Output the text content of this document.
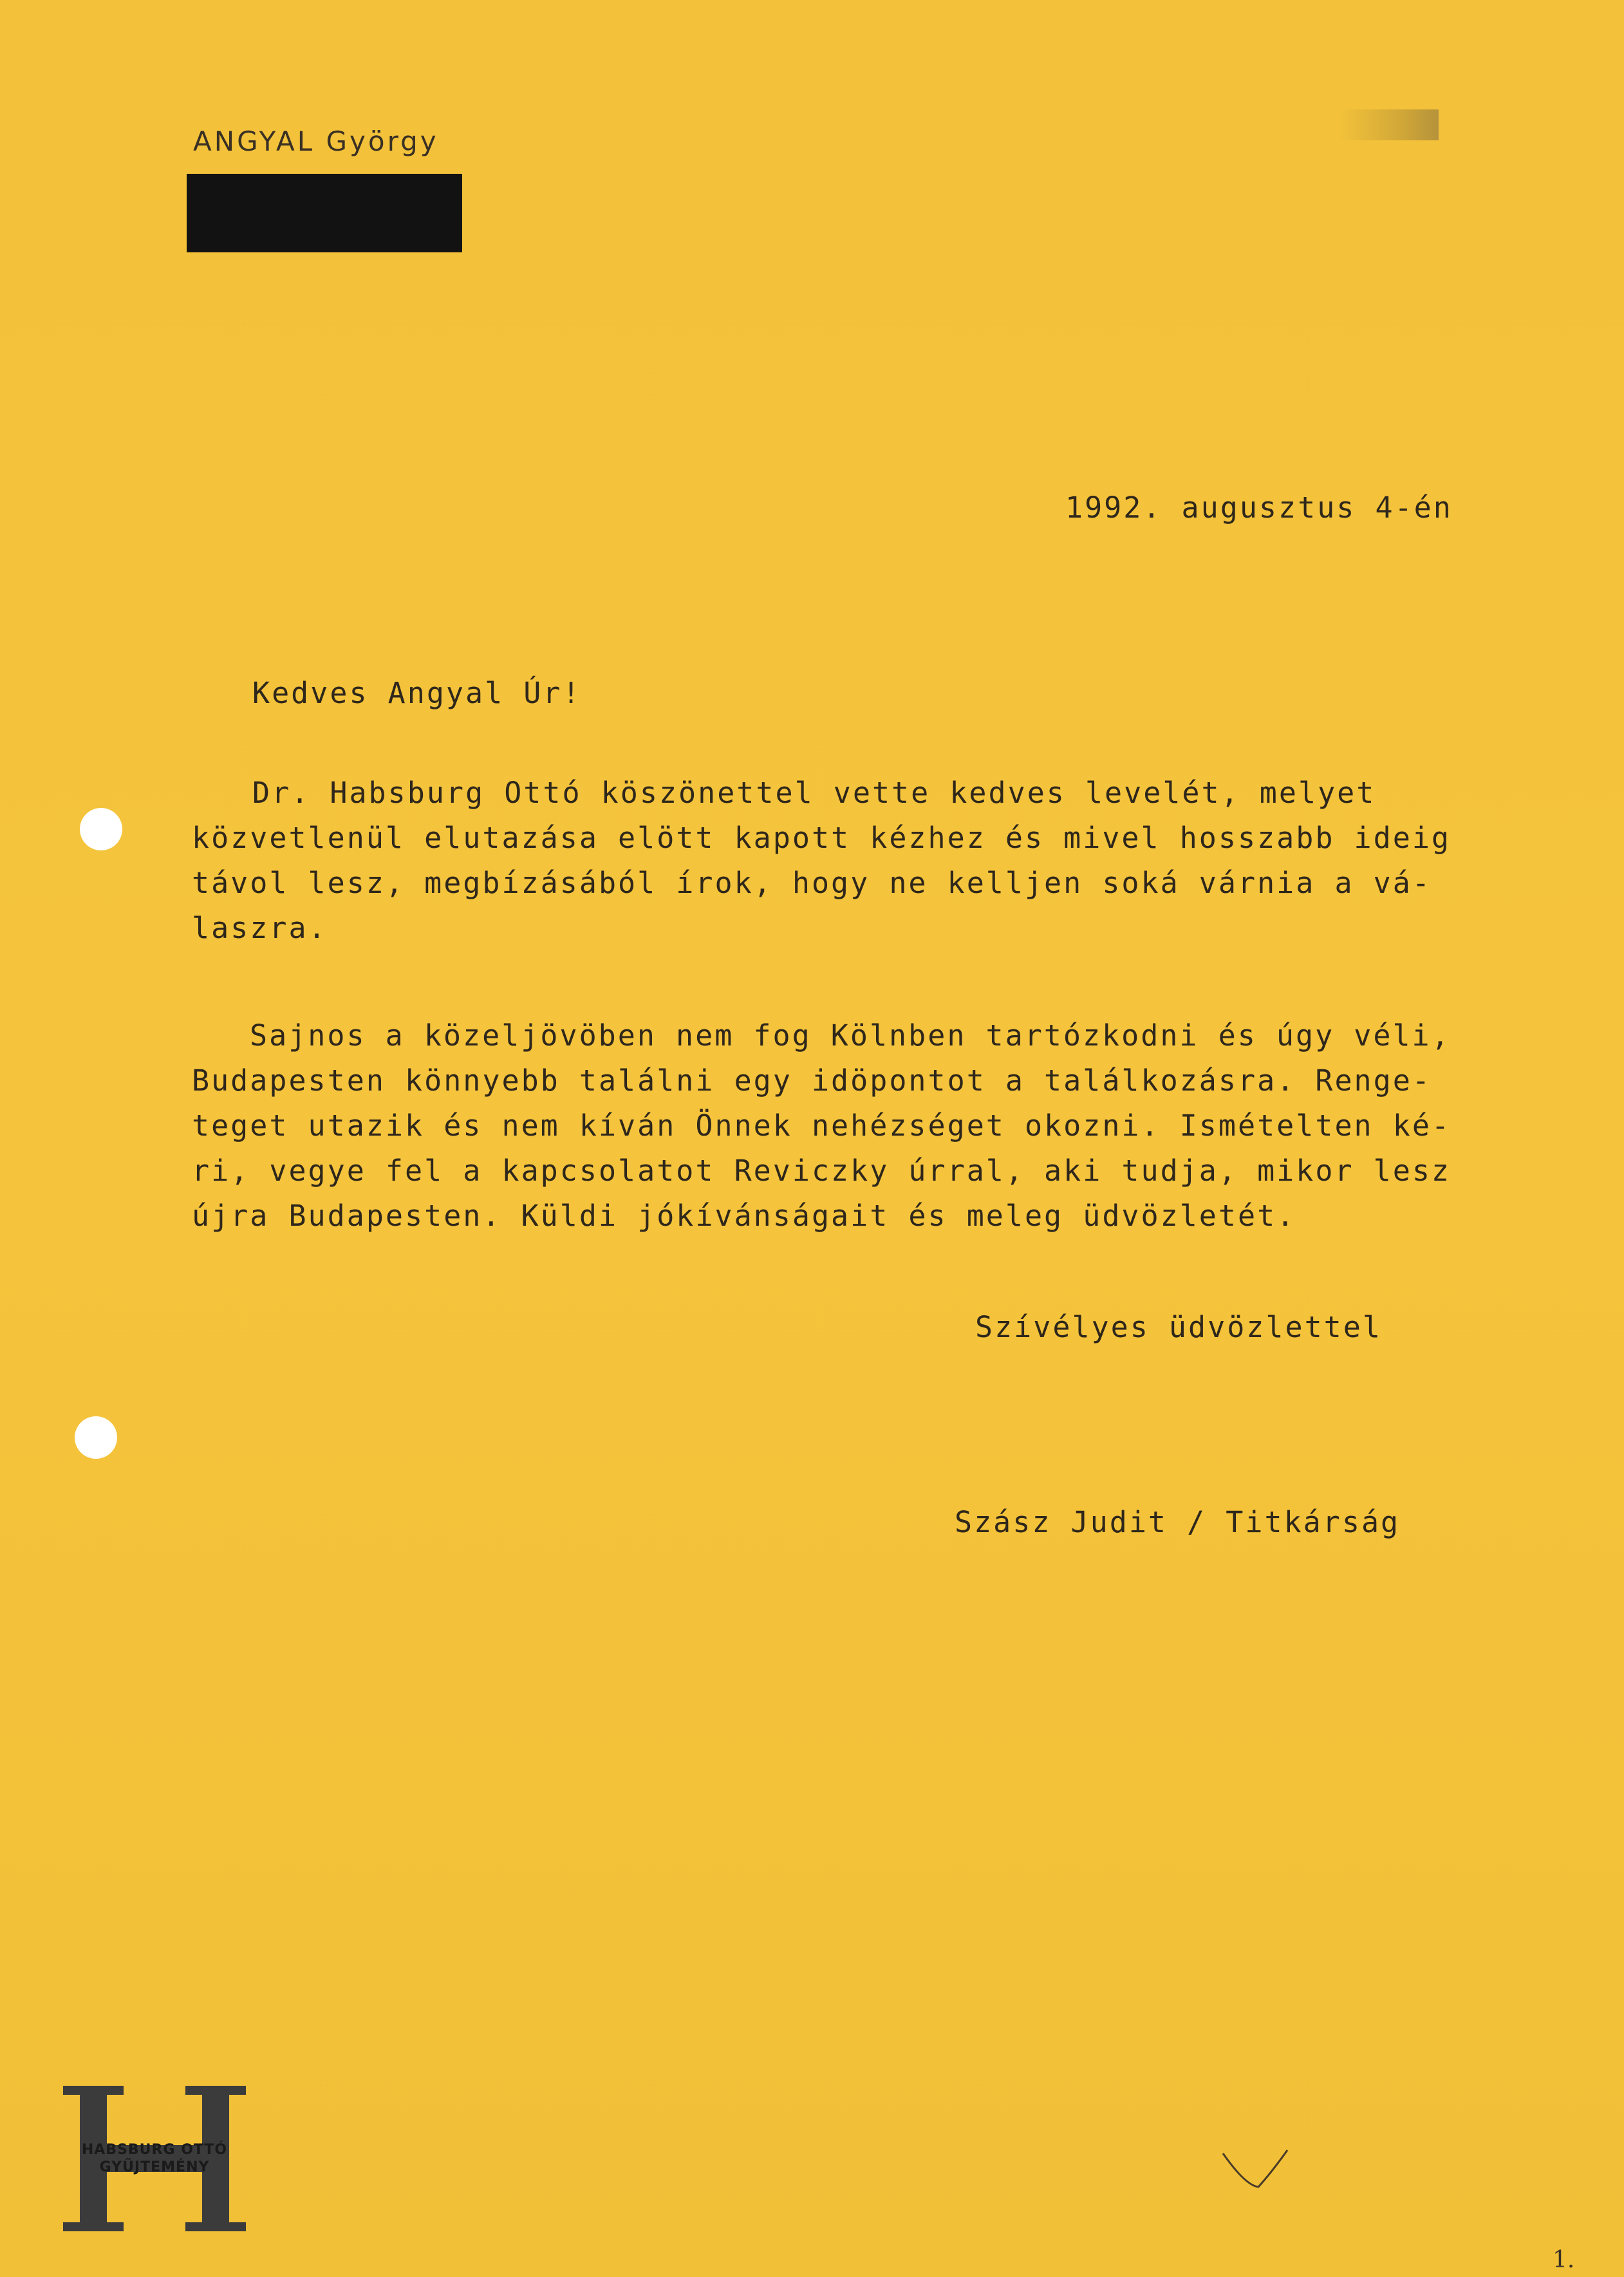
ANGYAL György
1992. augusztus 4-én
Kedves Angyal Úr!
Dr. Habsburg Ottó köszönettel vette kedves levelét, melyet
közvetlenül elutazása elött kapott kézhez és mivel hosszabb ideig
távol lesz, megbízásából írok, hogy ne kelljen soká várnia a vá-
laszra.
Sajnos a közeljövöben nem fog Kölnben tartózkodni és úgy véli,
Budapesten könnyebb találni egy idöpontot a találkozásra. Renge-
teget utazik és nem kíván Önnek nehézséget okozni. Ismételten ké-
ri, vegye fel a kapcsolatot Reviczky úrral, aki tudja, mikor lesz
újra Budapesten. Küldi jókívánságait és meleg üdvözletét.
Szívélyes üdvözlettel
Szász Judit / Titkárság
HABSBURG OTTÓ
GYŰJTEMÉNY
1.
